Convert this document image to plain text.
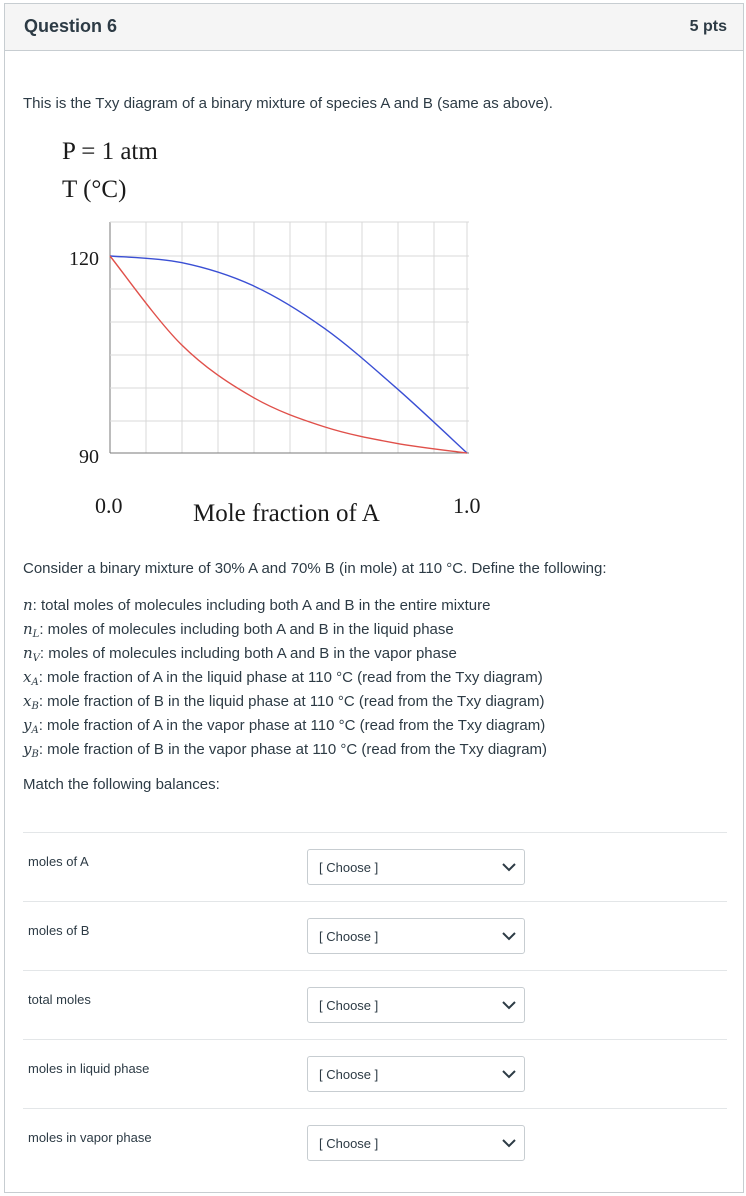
Question 6	5 pts
This is the Txy diagram of a binary mixture of species A and B (same as above).
P = 1 atm
T (°C)
120
90
0.0	1.0
Mole fraction of A
Consider a binary mixture of 30% A and 70% B (in mole) at 110 °C. Define the following:
n: total moles of molecules including both A and B in the entire mixture
$n_L$: moles of molecules including both A and B in the liquid phase
$n_V$: moles of molecules including both A and B in the vapor phase
$x_A$: mole fraction of A in the liquid phase at 110 °C (read from the Txy diagram)
$x_B$: mole fraction of B in the liquid phase at 110 °C (read from the Txy diagram)
$y_A$: mole fraction of A in the vapor phase at 110 °C (read from the Txy diagram)
$y_B$: mole fraction of B in the vapor phase at 110 °C (read from the Txy diagram)
Match the following balances:
moles of A	[ Choose ]
moles of B	[ Choose ]
total moles	[ Choose ]
moles in liquid phase	[ Choose ]
moles in vapor phase	[ Choose ]
